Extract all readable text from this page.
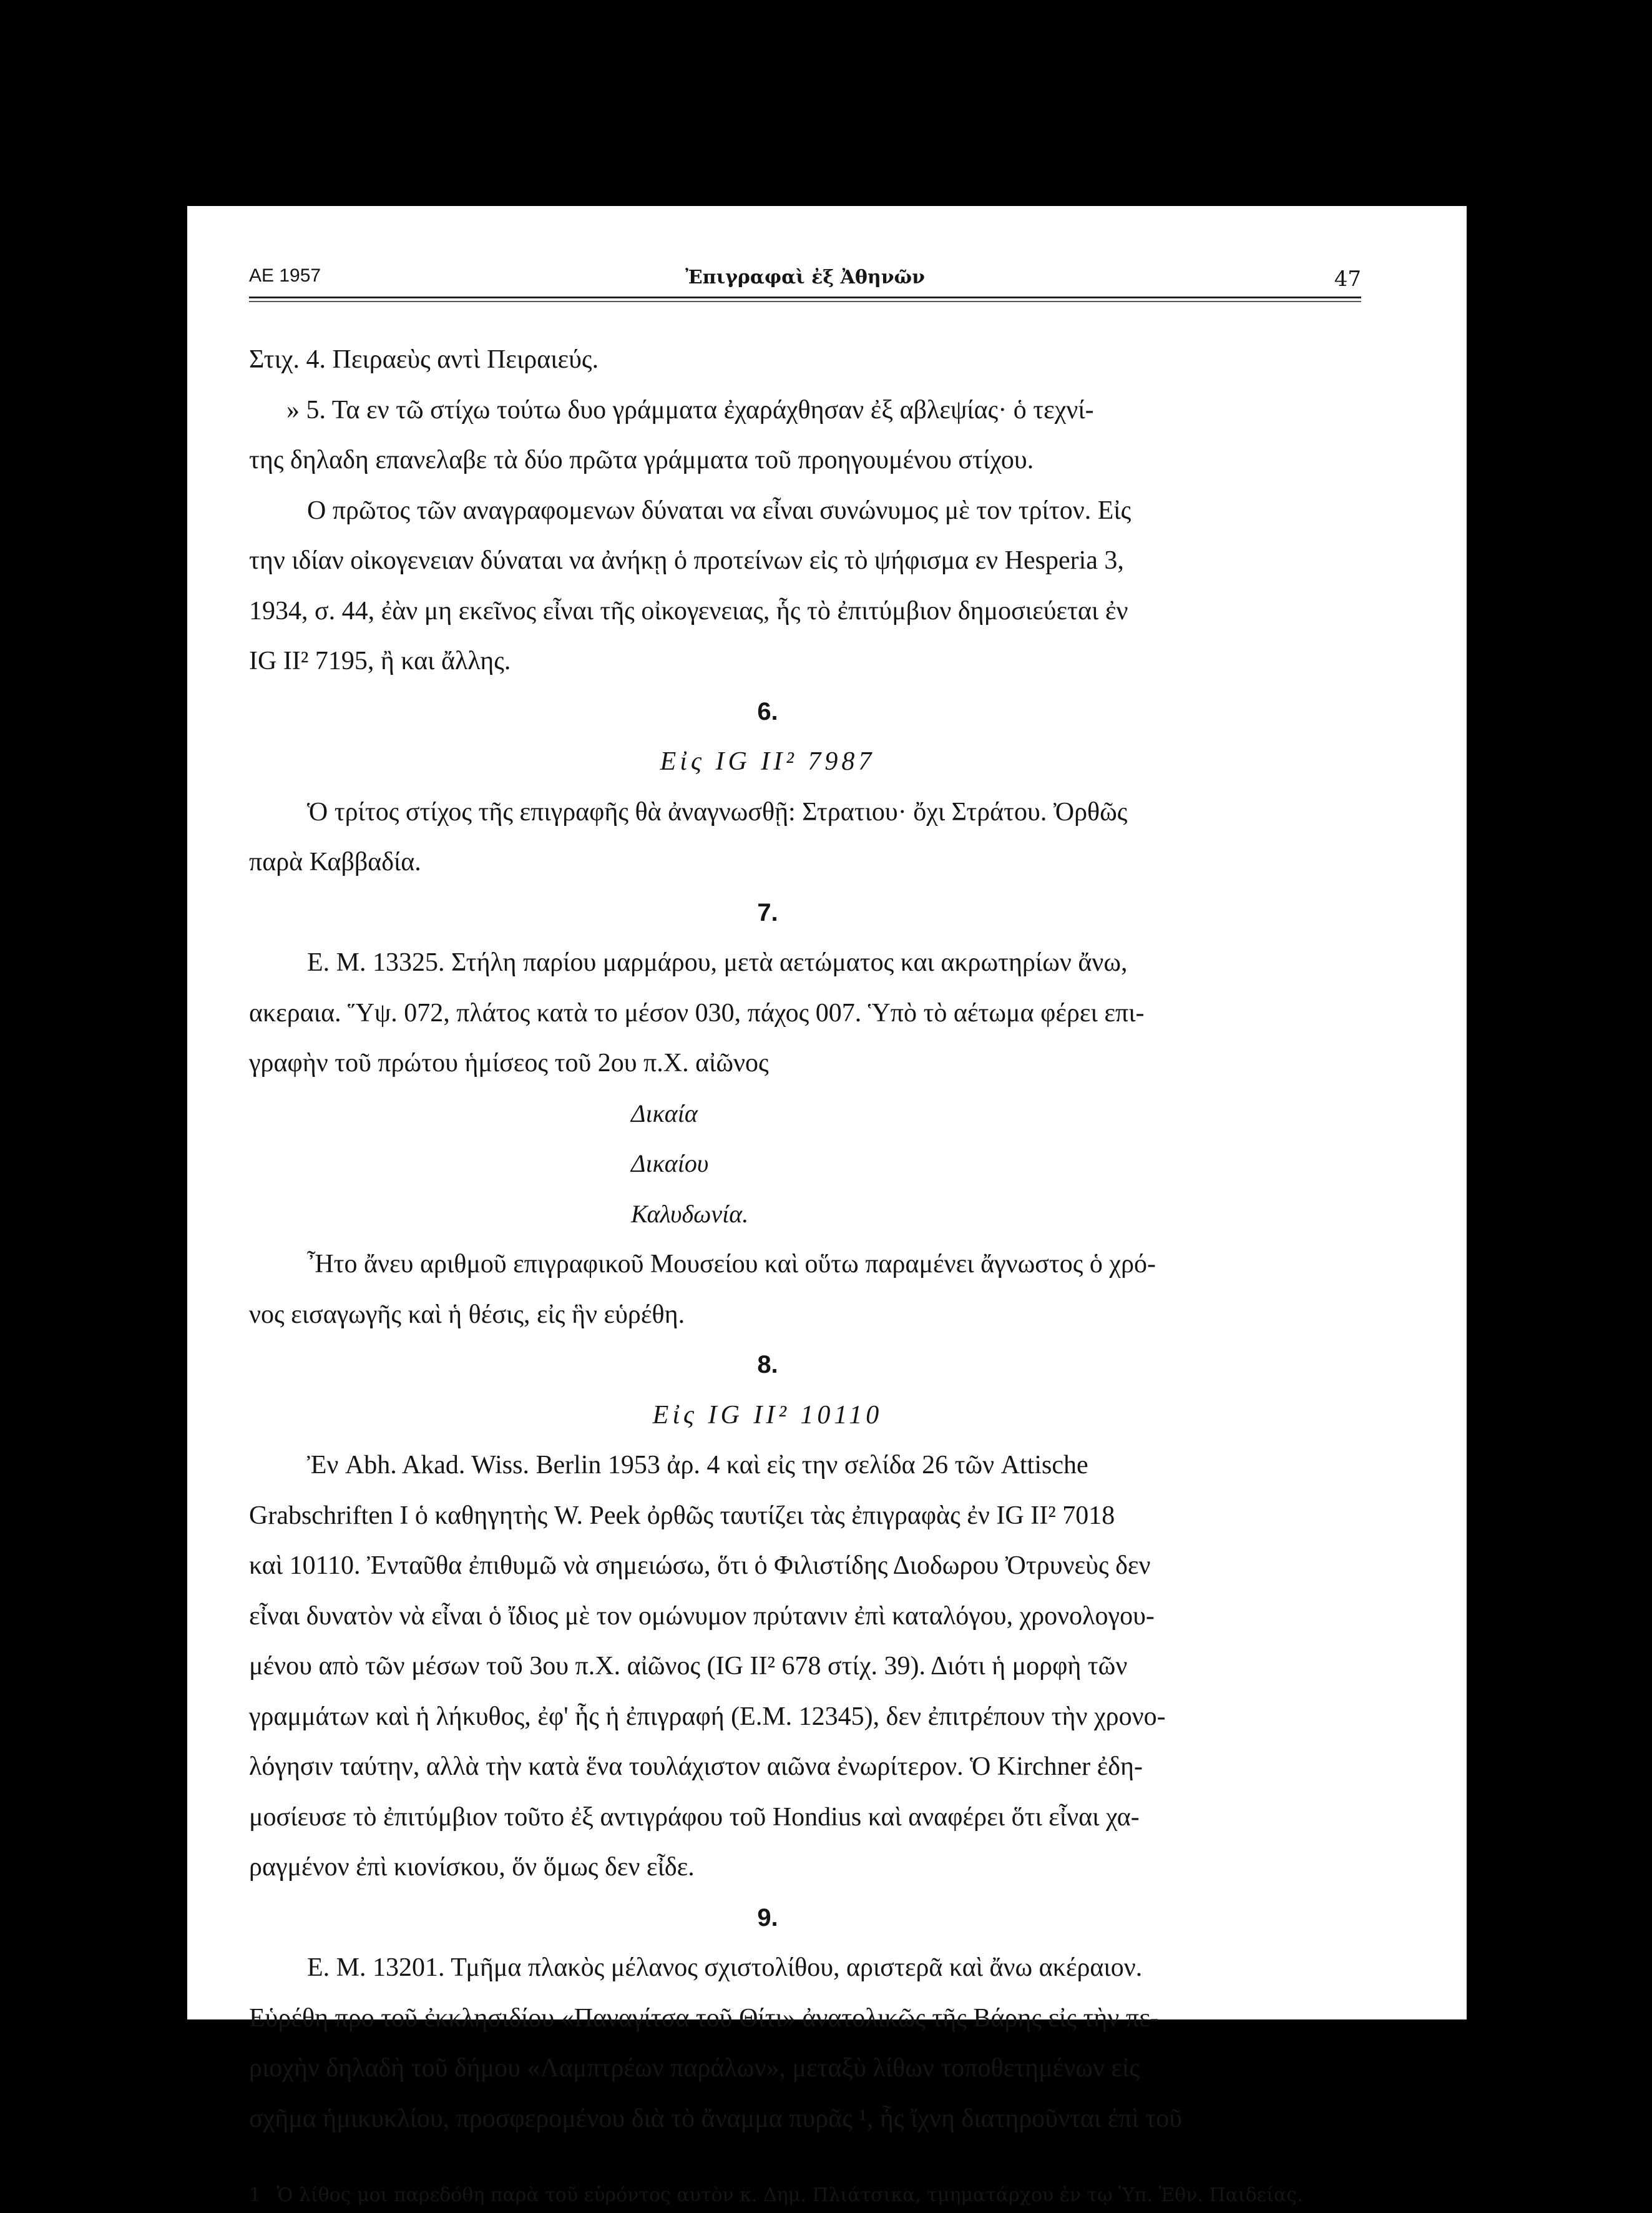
ΑΕ 1957	Ἐπιγραφαὶ ἐξ Ἀθηνῶν	47

Στιχ. 4. Πειραεὺς αντὶ Πειραιεύς.

» 5. Τα εν τῶ στίχω τούτω δυο γράμματα ἐχαράχθησαν ἐξ αβλεψίας· ὁ τεχνί-

της δηλαδη επανελαβε τὰ δύο πρῶτα γράμματα τοῦ προηγουμένου στίχου.

Ο πρῶτος τῶν αναγραφομενων δύναται να εἶναι συνώνυμος μὲ τον τρίτον. Εἰς

την ιδίαν οἰκογενειαν δύναται να ἀνήκῃ ὁ προτείνων εἰς τὸ ψήφισμα εν Hesperia 3,

1934, σ. 44, ἐὰν μη εκεῖνος εἶναι τῆς οἰκογενειας, ἧς τὸ ἐπιτύμβιον δημοσιεύεται ἐν

IG II² 7195, ἢ και ἄλλης.

6.
Εἰς IG II² 7987

Ὁ τρίτος στίχος τῆς επιγραφῆς θὰ ἀναγνωσθῇ: Στρατιου· ὄχι Στράτου. Ὀρθῶς

παρὰ Καββαδία.

7.

Ε. Μ. 13325. Στήλη παρίου μαρμάρου, μετὰ αετώματος και ακρωτηρίων ἄνω,

ακεραια. Ὕψ. 072, πλάτος κατὰ το μέσον 030, πάχος 007. Ὑπὸ τὸ αέτωμα φέρει επι-

γραφὴν τοῦ πρώτου ἡμίσεος τοῦ 2ου π.Χ. αἰῶνος

Δικαία

Δικαίου

Καλυδωνία.

Ἦτο ἄνευ αριθμοῦ επιγραφικοῦ Μουσείου καὶ οὕτω παραμένει ἄγνωστος ὁ χρό-

νος εισαγωγῆς καὶ ἡ θέσις, εἰς ἣν εὑρέθη.

8.
Εἰς IG II² 10110

Ἐν Abh. Akad. Wiss. Berlin 1953 ἀρ. 4 καὶ εἰς την σελίδα 26 τῶν Attische

Grabschriften I ὁ καθηγητὴς W. Peek ὀρθῶς ταυτίζει τὰς ἐπιγραφὰς ἐν IG II² 7018

καὶ 10110. Ἐνταῦθα ἐπιθυμῶ νὰ σημειώσω, ὅτι ὁ Φιλιστίδης Διοδωρου Ὀτρυνεὺς δεν

εἶναι δυνατὸν νὰ εἶναι ὁ ἴδιος μὲ τον ομώνυμον πρύτανιν ἐπὶ καταλόγου, χρονολογου-

μένου απὸ τῶν μέσων τοῦ 3ου π.Χ. αἰῶνος (IG II² 678 στίχ. 39). Διότι ἡ μορφὴ τῶν

γραμμάτων καὶ ἡ λήκυθος, ἐφ' ἧς ἡ ἐπιγραφή (Ε.Μ. 12345), δεν ἐπιτρέπουν τὴν χρονο-

λόγησιν ταύτην, αλλὰ τὴν κατὰ ἕνα τουλάχιστον αιῶνα ἐνωρίτερον. Ὁ Kirchner ἐδη-

μοσίευσε τὸ ἐπιτύμβιον τοῦτο ἐξ αντιγράφου τοῦ Hondius καὶ αναφέρει ὅτι εἶναι χα-

ραγμένον ἐπὶ κιονίσκου, ὅν ὅμως δεν εἶδε.

9.

Ε. Μ. 13201. Τμῆμα πλακὸς μέλανος σχιστολίθου, αριστερᾶ καὶ ἄνω ακέραιον.

Εὑρέθη προ τοῦ ἐκκλησιδίου «Παναγίτσα τοῦ Θίτι» ἀνατολικῶς τῆς Βάρης εἰς τὴν πε-

ριοχὴν δηλαδὴ τοῦ δήμου «Λαμπτρέων παράλων», μεταξὺ λίθων τοποθετημένων εἰς

σχῆμα ἡμικυκλίου, προσφερομένου διὰ τὸ ἄναμμα πυρᾶς ¹, ἧς ἴχνη διατηροῦνται ἐπὶ τοῦ

1 Ὁ λίθος μοι παρεδόθη παρὰ τοῦ εὑρόντος αυτὸν κ. Δημ. Πλιάτσικα, τμηματάρχου ἐν τῳ Ὑπ. Ἐθν. Παιδείας.
